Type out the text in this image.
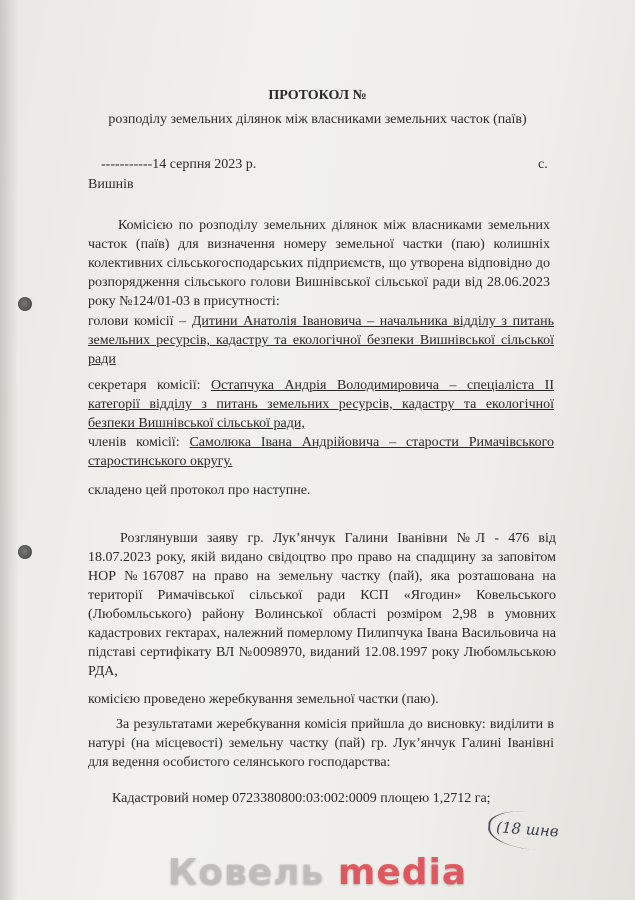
ПРОТОКОЛ №
розподілу земельних ділянок між власниками земельних часток (паїв)
-----------14 серпня 2023 р.	с.
Вишнів
Комісією по розподілу земельних ділянок між власниками земельних часток (паїв) для визначення номеру земельної частки (паю) колишніх колективних сільськогосподарських підприємств, що утворена відповідно до розпорядження сільського голови Вишнівської сільської ради від 28.06.2023 року №124/01-03 в присутності:
голови комісії – Дитини Анатолія Івановича – начальника відділу з питань земельних ресурсів, кадастру та екологічної безпеки Вишнівської сільської ради
секретаря комісії: Остапчука Андрія Володимировича – спеціаліста ІІ категорії відділу з питань земельних ресурсів, кадастру та екологічної безпеки Вишнівської сільської ради,
членів комісії: Самолюка Івана Андрійовича – старости Римачівського старостинського округу.
складено цей протокол про наступне.
Розглянувши заяву гр. Лук’янчук Галини Іванівни №Л - 476 від 18.07.2023 року, якій видано свідоцтво про право на спадщину за заповітом НОР №167087 на право на земельну частку (пай), яка розташована на території Римачівської сільської ради КСП «Ягодин» Ковельського (Любомльського) району Волинської області розміром 2,98 в умовних кадастрових гектарах, належний померлому Пилипчука Івана Васильовича на підставі сертифікату ВЛ №0098970, виданий 12.08.1997 року Любомльською РДА,
комісією проведено жеребкування земельної частки (паю).
За результатами жеребкування комісія прийшла до висновку: виділити в натурі (на місцевості) земельну частку (пай) гр. Лук’янчук Галині Іванівні для ведення особистого селянського господарства:
Кадастровий номер 0723380800:03:002:0009 площею 1,2712 га;
(18 шнв
Ковель media
